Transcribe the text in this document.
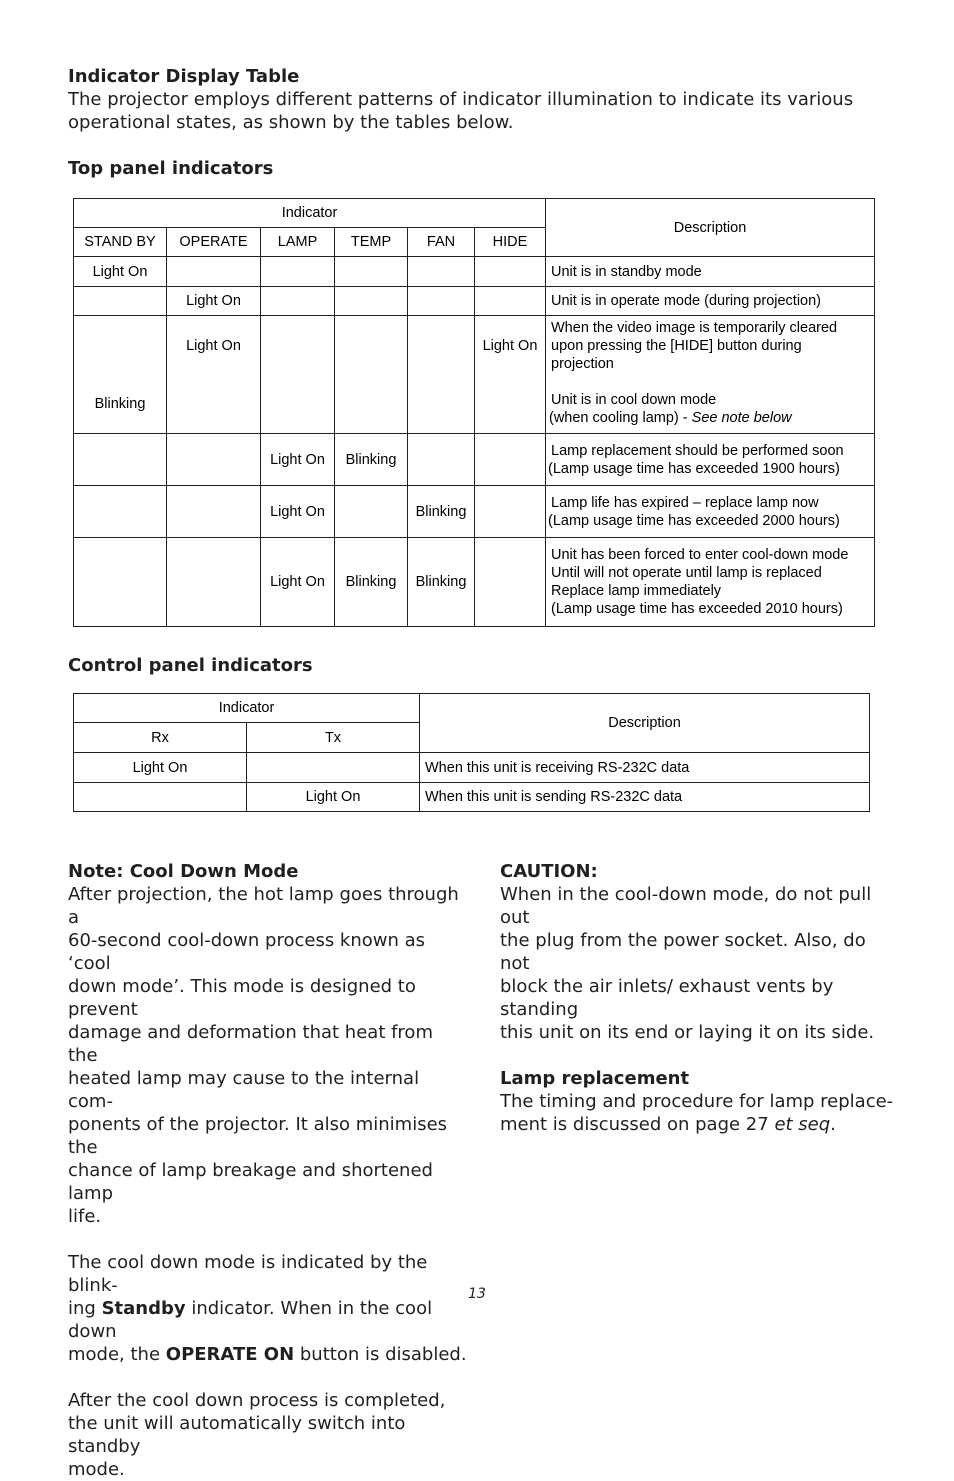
Indicator Display Table

The projector employs different patterns of indicator illumination to indicate its various operational states, as shown by the tables below.

Top panel indicators

Indicator						Description
STAND BY	OPERATE	LAMP	TEMP	FAN	HIDE	
Light On						Unit is in standby mode
	Light On					Unit is in operate mode (during projection)
Blinking	Light On				Light On	When the video image is temporarily cleared
upon pressing the [HIDE] button during
projection
Unit is in cool down mode
(when cooling lamp) - See note below

		Light On	Blinking			Lamp replacement should be performed soon
(Lamp usage time has exceeded 1900 hours)

		Light On		Blinking		Lamp life has expired – replace lamp now
(Lamp usage time has exceeded 2000 hours)

		Light On	Blinking	Blinking		Unit has been forced to enter cool-down mode
Until will not operate until lamp is replaced
Replace lamp immediately
(Lamp usage time has exceeded 2010 hours)

Control panel indicators

Indicator		Description
Rx	Tx	
Light On		When this unit is receiving RS-232C data
	Light On	When this unit is sending RS-232C data

Note: Cool Down Mode

After projection, the hot lamp goes through a

60-second cool-down process known as ‘cool

down mode’. This mode is designed to prevent

damage and deformation that heat from the

heated lamp may cause to the internal com-

ponents of the projector. It also minimises the

chance of lamp breakage and shortened lamp

life.

The cool down mode is indicated by the blink-

ing Standby indicator. When in the cool down

mode, the OPERATE ON button is disabled.

After the cool down process is completed,

the unit will automatically switch into standby

mode.

CAUTION:

When in the cool-down mode, do not pull out

the plug from the power socket. Also, do not

block the air inlets/ exhaust vents by standing

this unit on its end or laying it on its side.

Lamp replacement

The timing and procedure for lamp replace-

ment is discussed on page 27 et seq.

13
